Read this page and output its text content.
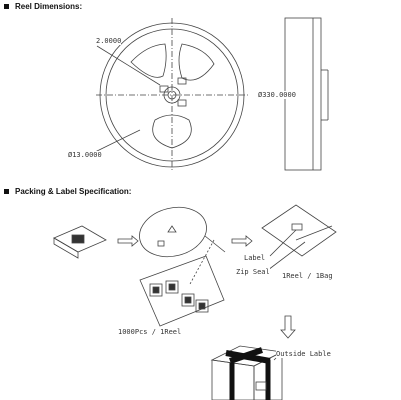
Reel Dimensions:
Packing & Label Specification:
2.0000
Ø330.0000
Ø13.0000
Label
Zip Seal 1Reel / 1Bag
1000Pcs / 1Reel
Outside Lable
